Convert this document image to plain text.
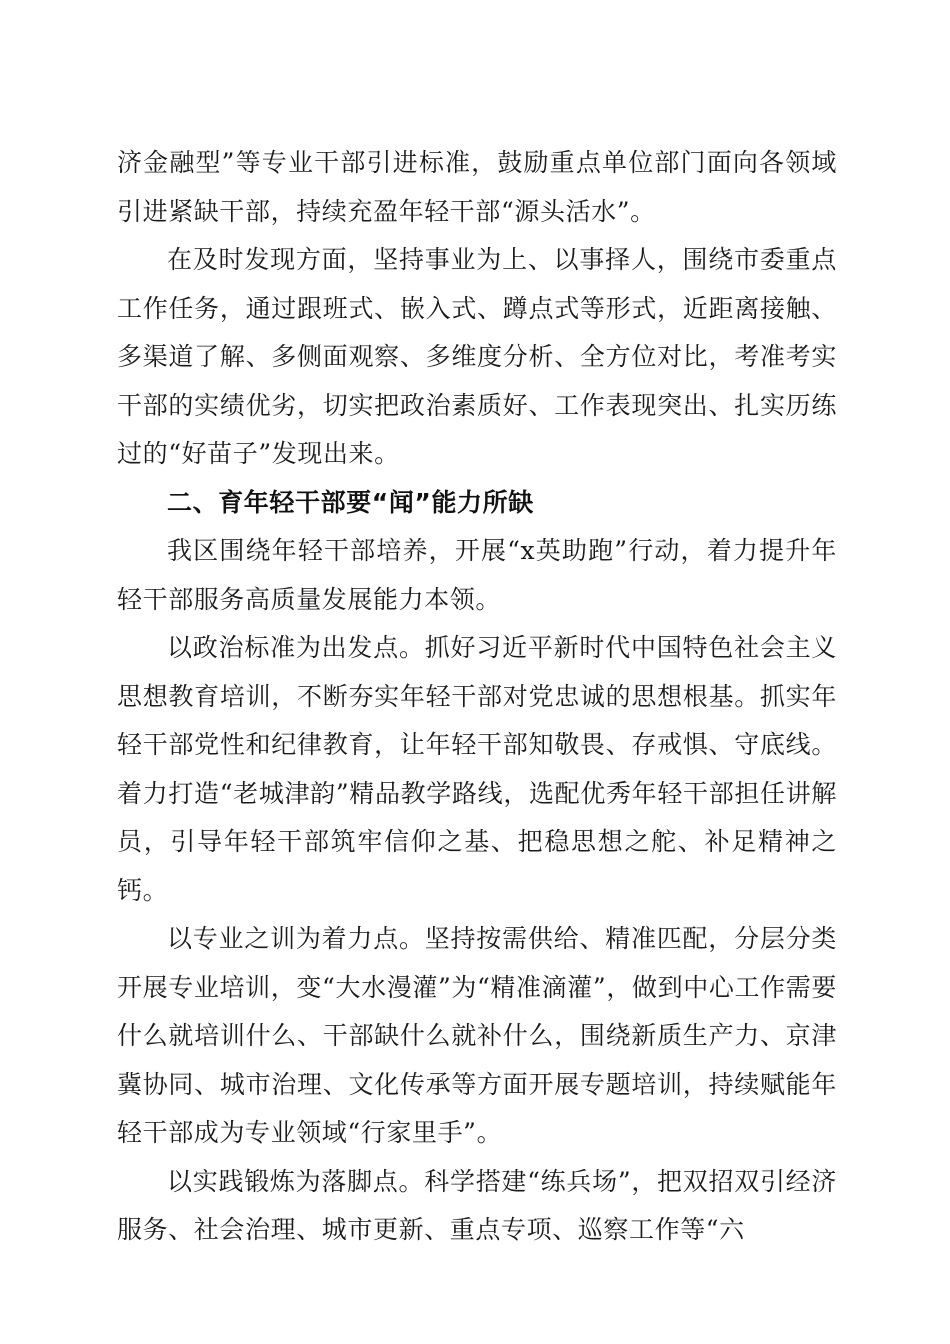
济金融型”等专业干部引进标准，鼓励重点单位部门面向各领域引进紧缺干部，持续充盈年轻干部“源头活水”。

在及时发现方面，坚持事业为上、以事择人，围绕市委重点工作任务，通过跟班式、嵌入式、蹲点式等形式，近距离接触、多渠道了解、多侧面观察、多维度分析、全方位对比，考准考实干部的实绩优劣，切实把政治素质好、工作表现突出、扎实历练过的“好苗子”发现出来。

二、育年轻干部要“闻”能力所缺

我区围绕年轻干部培养，开展“x英助跑”行动，着力提升年轻干部服务高质量发展能力本领。

以政治标准为出发点。抓好习近平新时代中国特色社会主义思想教育培训，不断夯实年轻干部对党忠诚的思想根基。抓实年轻干部党性和纪律教育，让年轻干部知敬畏、存戒惧、守底线。着力打造“老城津韵”精品教学路线，选配优秀年轻干部担任讲解员，引导年轻干部筑牢信仰之基、把稳思想之舵、补足精神之钙。

以专业之训为着力点。坚持按需供给、精准匹配，分层分类开展专业培训，变“大水漫灌”为“精准滴灌”，做到中心工作需要什么就培训什么、干部缺什么就补什么，围绕新质生产力、京津冀协同、城市治理、文化传承等方面开展专题培训，持续赋能年轻干部成为专业领域“行家里手”。

以实践锻炼为落脚点。科学搭建“练兵场”，把双招双引经济服务、社会治理、城市更新、重点专项、巡察工作等“六
